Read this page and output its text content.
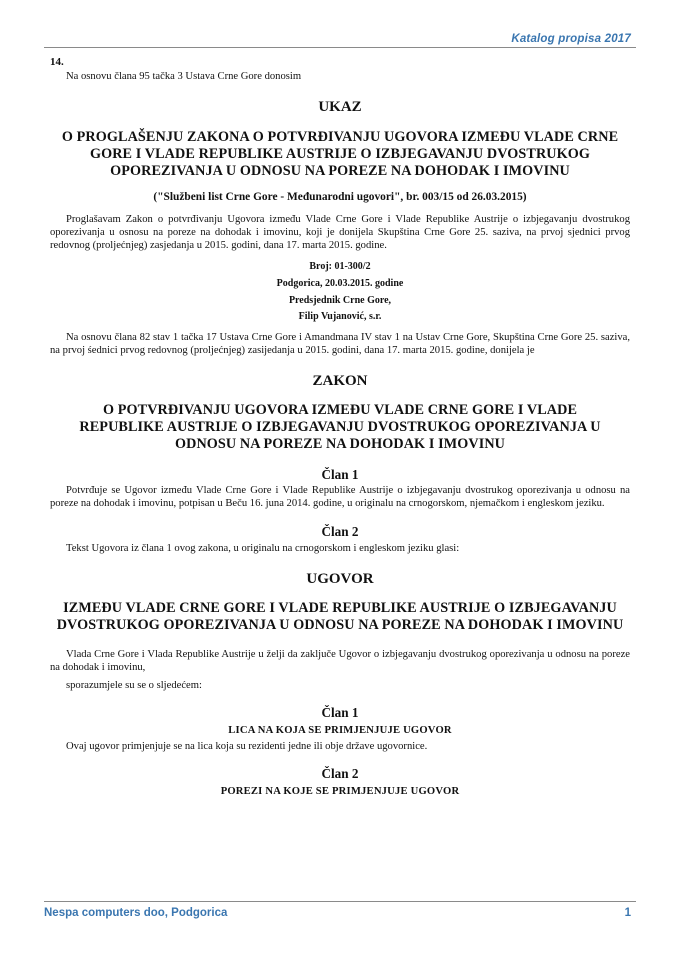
Katalog propisa 2017

14.

Na osnovu člana 95 tačka 3 Ustava Crne Gore donosim

UKAZ

O PROGLAŠENJU ZAKONA O POTVRĐIVANJU UGOVORA IZMEĐU VLADE CRNE GORE I VLADE REPUBLIKE AUSTRIJE O IZBJEGAVANJU DVOSTRUKOG OPOREZIVANJA U ODNOSU NA POREZE NA DOHODAK I IMOVINU

("Službeni list Crne Gore - Međunarodni ugovori", br. 003/15 od 26.03.2015)

Proglašavam Zakon o potvrđivanju Ugovora između Vlade Crne Gore i Vlade Republike Austrije o izbjegavanju dvostrukog oporezivanja u osnosu na poreze na dohodak i imovinu, koji je donijela Skupština Crne Gore 25. saziva, na prvoj sjednici prvog redovnog (proljećnjeg) zasjedanja u 2015. godini, dana 17. marta 2015. godine.

Broj: 01-300/2

Podgorica, 20.03.2015. godine

Predsjednik Crne Gore,

Filip Vujanović, s.r.

Na osnovu člana 82 stav 1 tačka 17 Ustava Crne Gore i Amandmana IV stav 1 na Ustav Crne Gore, Skupština Crne Gore 25. saziva, na prvoj śednici prvog redovnog (proljećnjeg) zasijedanja u 2015. godini, dana 17. marta 2015. godine, donijela je

ZAKON

O POTVRĐIVANJU UGOVORA IZMEĐU VLADE CRNE GORE I VLADE REPUBLIKE AUSTRIJE O IZBJEGAVANJU DVOSTRUKOG OPOREZIVANJA U ODNOSU NA POREZE NA DOHODAK I IMOVINU

Član 1

Potvrđuje se Ugovor između Vlade Crne Gore i Vlade Republike Austrije o izbjegavanju dvostrukog oporezivanja u odnosu na poreze na dohodak i imovinu, potpisan u Beču 16. juna 2014. godine, u originalu na crnogorskom, njemačkom i engleskom jeziku.

Član 2

Tekst Ugovora iz člana 1 ovog zakona, u originalu na crnogorskom i engleskom jeziku glasi:

UGOVOR

IZMEĐU VLADE CRNE GORE I VLADE REPUBLIKE AUSTRIJE O IZBJEGAVANJU DVOSTRUKOG OPOREZIVANJA U ODNOSU NA POREZE NA DOHODAK I IMOVINU

Vlada Crne Gore i Vlada Republike Austrije u želji da zaključe Ugovor o izbjegavanju dvostrukog oporezivanja u odnosu na poreze na dohodak i imovinu,

sporazumjele su se o sljedećem:

Član 1

LICA NA KOJA SE PRIMJENJUJE UGOVOR

Ovaj ugovor primjenjuje se na lica koja su rezidenti jedne ili obje države ugovornice.

Član 2

POREZI NA KOJE SE PRIMJENJUJE UGOVOR

Nespa computers doo, Podgorica	1
